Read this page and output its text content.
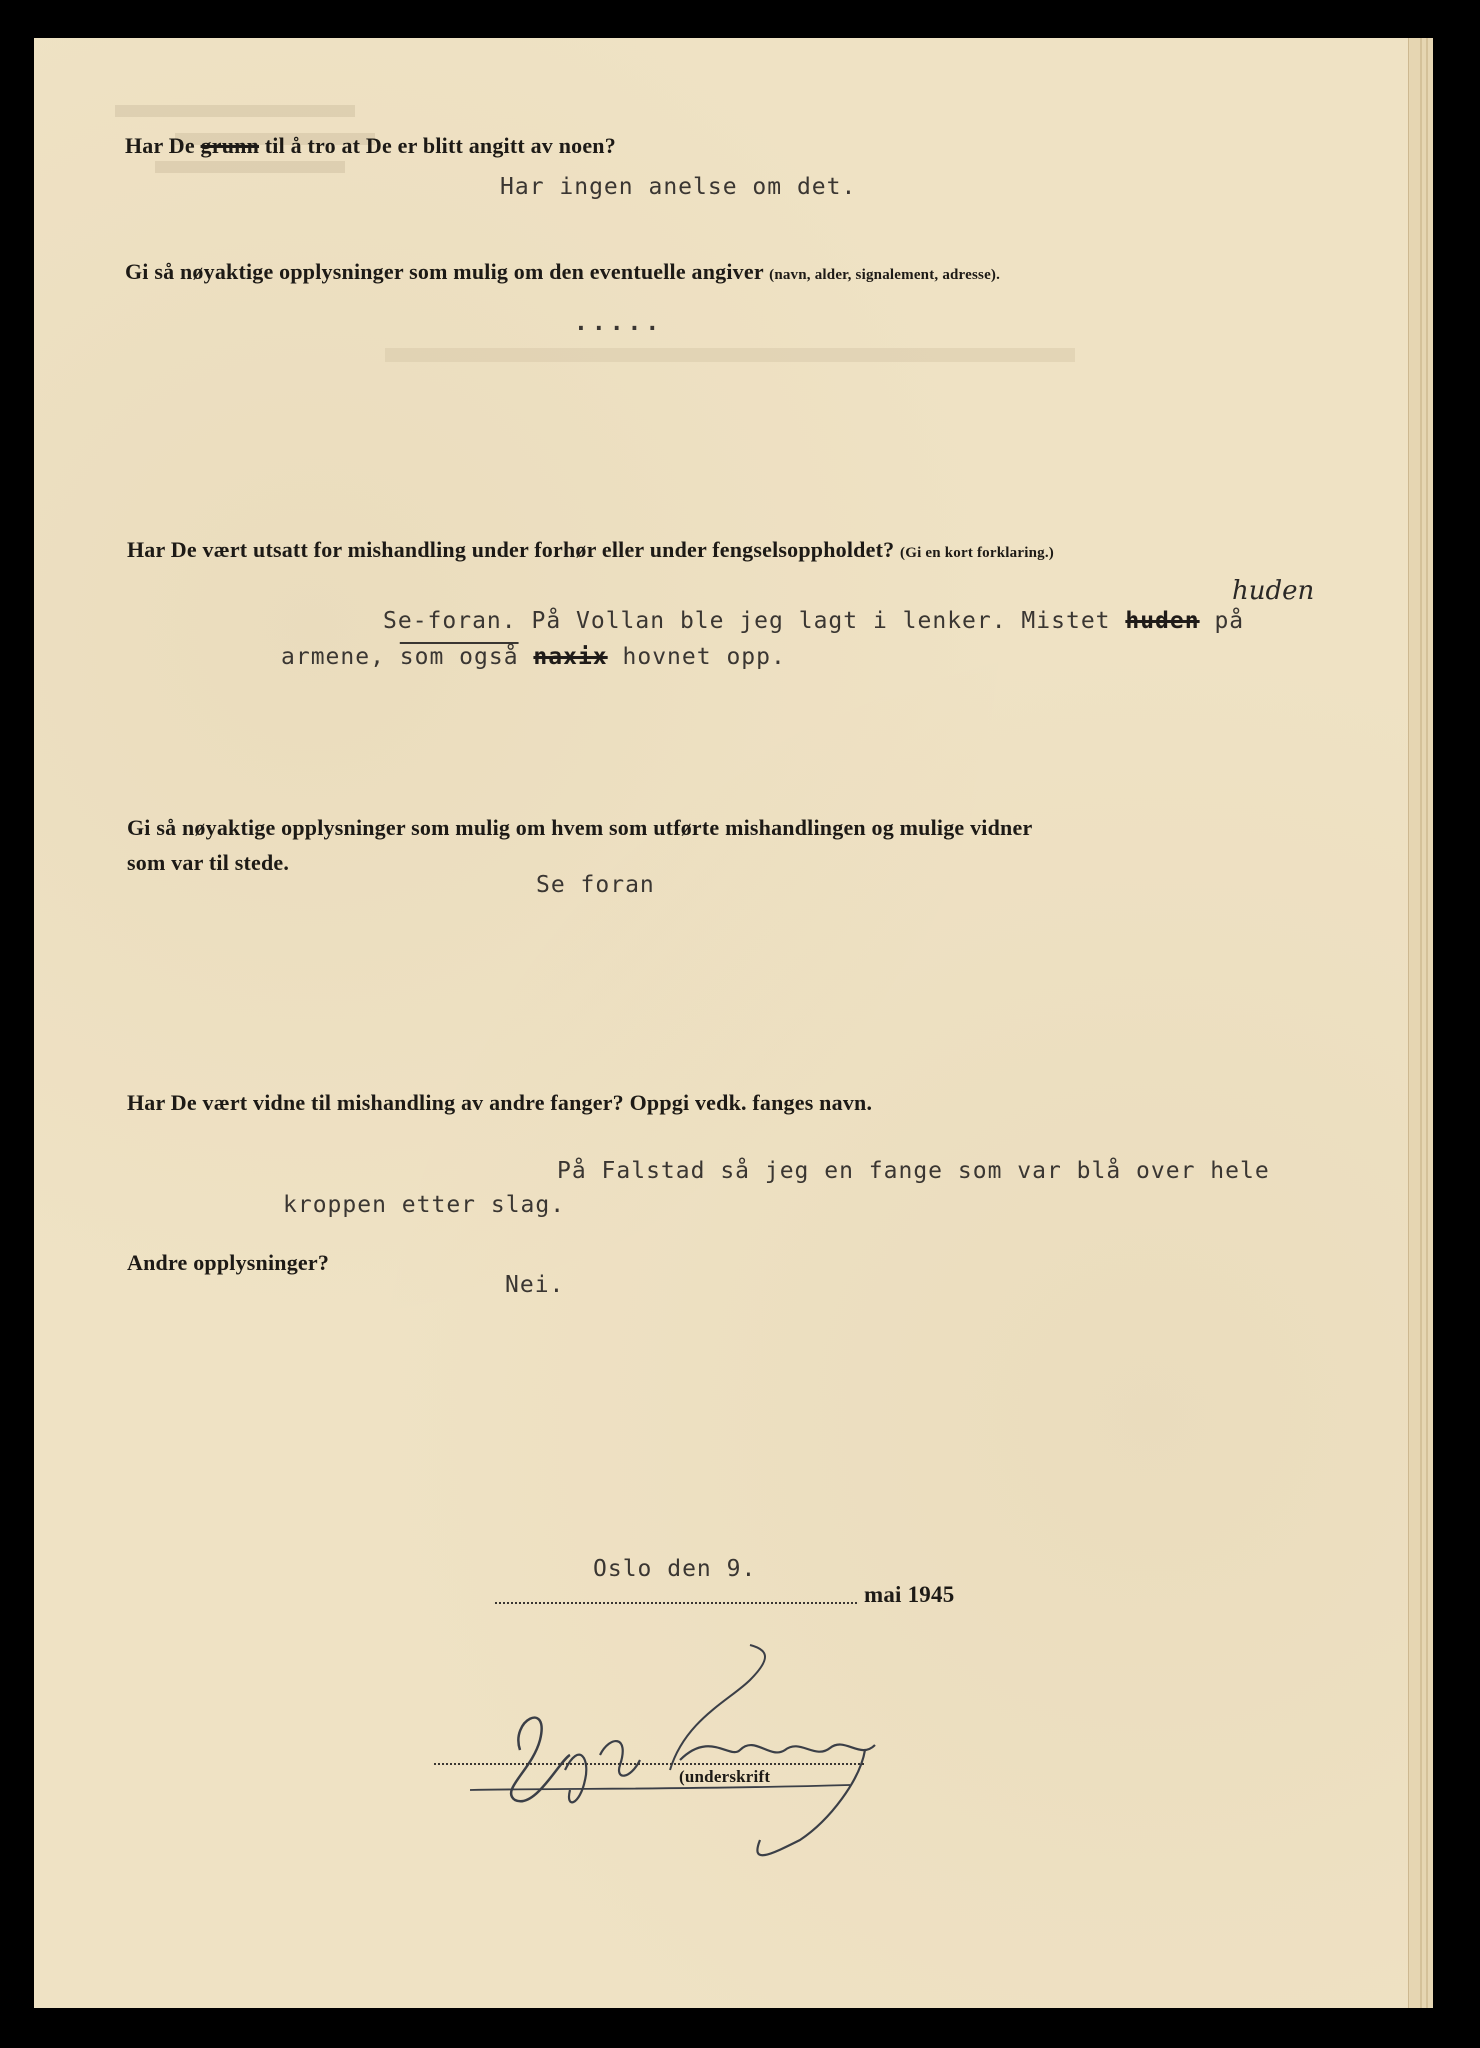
Har De grunn til å tro at De er blitt angitt av noen?
Har ingen anelse om det.
Gi så nøyaktige opplysninger som mulig om den eventuelle angiver (navn, alder, signalement, adresse).
.....
Har De vært utsatt for mishandling under forhør eller under fengselsoppholdet? (Gi en kort forklaring.)
huden
Se-foran. På Vollan ble jeg lagt i lenker. Mistet huden på
armene, som også naxix hovnet opp.
Gi så nøyaktige opplysninger som mulig om hvem som utførte mishandlingen og mulige vidner
som var til stede.
Se foran
Har De vært vidne til mishandling av andre fanger? Oppgi vedk. fanges navn.
På Falstad så jeg en fange som var blå over hele
kroppen etter slag.
Andre opplysninger?
Nei.
Oslo den 9.
mai 1945
(underskrift
